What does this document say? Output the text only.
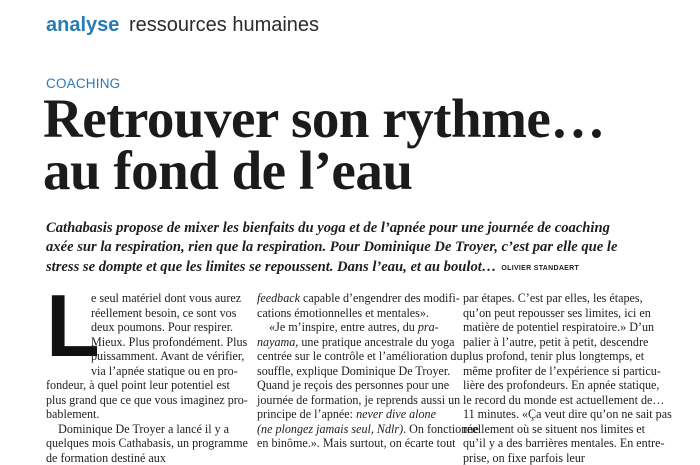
analyse ressources humaines
COACHING
Retrouver son rythme…
au fond de l’eau
Cathabasis propose de mixer les bienfaits du yoga et de l’apnée pour une journée de coaching
axée sur la respiration, rien que la respiration. Pour Dominique De Troyer, c’est par elle que le
stress se dompte et que les limites se repoussent. Dans l’eau, et au boulot… OLIVIER STANDAERT
L
e seul matériel dont vous aurez
réellement besoin, ce sont vos
deux poumons. Pour respirer.
Mieux. Plus profondément. Plus
puissamment. Avant de vérifier,
via l’apnée statique ou en pro-
fondeur, à quel point leur potentiel est
plus grand que ce que vous imaginez pro-
bablement.
Dominique De Troyer a lancé il y a
quelques mois Cathabasis, un programme
de formation destiné aux
feedback capable d’engendrer des modifi-
cations émotionnelles et mentales».
«Je m’inspire, entre autres, du pra-
nayama, une pratique ancestrale du yoga
centrée sur le contrôle et l’amélioration du
souffle, explique Dominique De Troyer.
Quand je reçois des personnes pour une
journée de formation, je reprends aussi un
principe de l’apnée: never dive alone
(ne plongez jamais seul, Ndlr). On fonctionne
en binôme.». Mais surtout, on écarte tout
par étapes. C’est par elles, les étapes,
qu’on peut repousser ses limites, ici en
matière de potentiel respiratoire.» D’un
palier à l’autre, petit à petit, descendre
plus profond, tenir plus longtemps, et
même profiter de l’expérience si particu-
lière des profondeurs. En apnée statique,
le record du monde est actuellement de…
11 minutes. «Ça veut dire qu’on ne sait pas
réellement où se situent nos limites et
qu’il y a des barrières mentales. En entre-
prise, on fixe parfois leur
